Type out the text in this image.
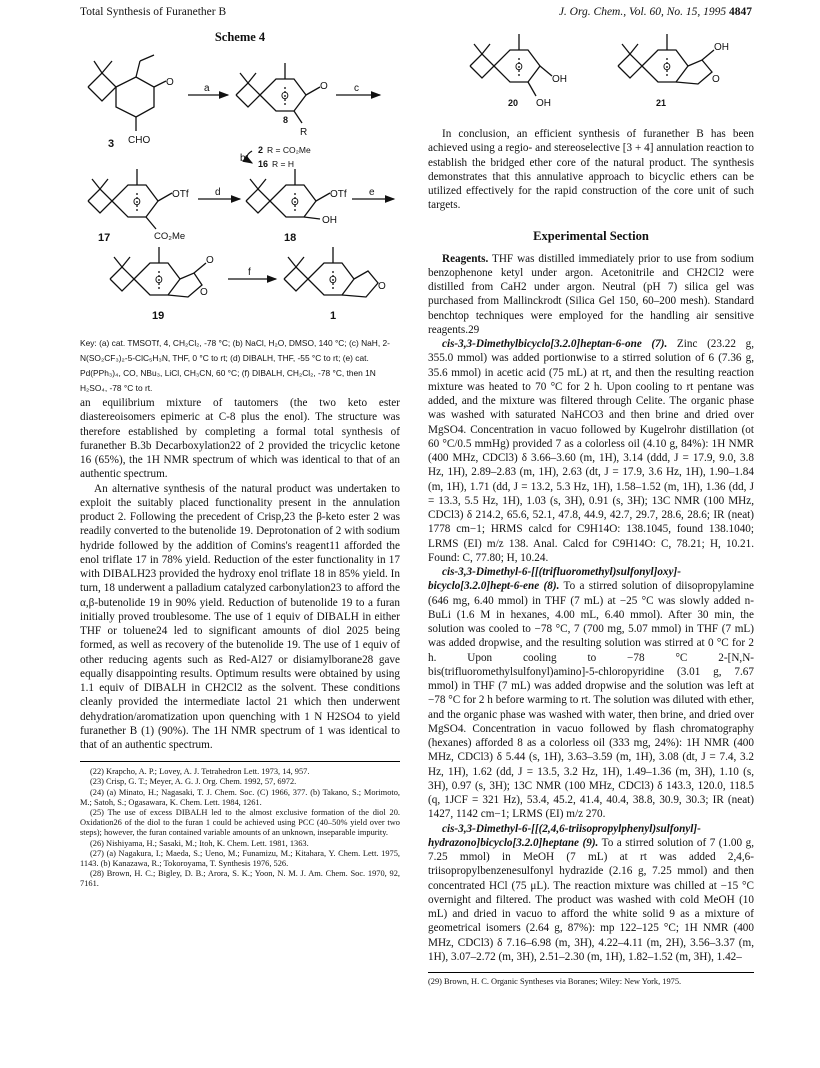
Total Synthesis of Furanether B	J. Org. Chem., Vol. 60, No. 15, 1995 4847
Scheme 4
O
CHO
3
a
O
O
8
R
c
b
2 R = CO₂Me
16 R = H
O
OTf
CO₂Me
17
d
O
OTf
OH
18
e
O
O
O
19
f
O
O
1
Key: (a) cat. TMSOTf, 4, CH₂Cl₂, -78 °C; (b) NaCl, H₂O, DMSO, 140 °C; (c) NaH, 2-N(SO₂CF₃)₂-5-ClC₅H₃N, THF, 0 °C to rt; (d) DIBALH, THF, -55 °C to rt; (e) cat. Pd(PPh₃)₄, CO, NBu₃, LiCl, CH₃CN, 60 °C; (f) DIBALH, CH₂Cl₂, -78 °C, then 1N H₂SO₄, -78 °C to rt.

an equilibrium mixture of tautomers (the two keto ester diastereoisomers epimeric at C-8 plus the enol). The structure was therefore established by completing a formal total synthesis of furanether B.3b Decarboxylation22 of 2 provided the tricyclic ketone 16 (65%), the 1H NMR spectrum of which was identical to that of an authentic spectrum.

An alternative synthesis of the natural product was undertaken to exploit the suitably placed functionality present in the annulation product 2. Following the precedent of Crisp,23 the β-keto ester 2 was readily converted to the butenolide 19. Deprotonation of 2 with sodium hydride followed by the addition of Comins's reagent11 afforded the enol triflate 17 in 78% yield. Reduction of the ester functionality in 17 with DIBALH23 provided the hydroxy enol triflate 18 in 85% yield. In turn, 18 underwent a palladium catalyzed carbonylation23 to afford the α,β-butenolide 19 in 90% yield. Reduction of butenolide 19 to a furan initially proved troublesome. The use of 1 equiv of DIBALH in either THF or toluene24 led to significant amounts of diol 2025 being formed, as well as recovery of the butenolide 19. The use of 1 equiv of other reducing agents such as Red-Al27 or disiamylborane28 gave equally disappointing results. Optimum results were obtained by using 1.1 equiv of DIBALH in CH2Cl2 as the solvent. These conditions cleanly provided the intermediate lactol 21 which then underwent dehydration/aromatization upon quenching with 1 N H2SO4 to yield furanether B (1) (90%). The 1H NMR spectrum of 1 was identical to that of an authentic spectrum.

(22) Krapcho, A. P.; Lovey, A. J. Tetrahedron Lett. 1973, 14, 957.
(23) Crisp, G. T.; Meyer, A. G. J. Org. Chem. 1992, 57, 6972.
(24) (a) Minato, H.; Nagasaki, T. J. Chem. Soc. (C) 1966, 377. (b) Takano, S.; Morimoto, M.; Satoh, S.; Ogasawara, K. Chem. Lett. 1984, 1261.
(25) The use of excess DIBALH led to the almost exclusive formation of the diol 20. Oxidation26 of the diol to the furan 1 could be achieved using PCC (40–50% yield over two steps); however, the furan contained variable amounts of an unknown, inseparable impurity.
(26) Nishiyama, H.; Sasaki, M.; Itoh, K. Chem. Lett. 1981, 1363.
(27) (a) Nagakura, I.; Maeda, S.; Ueno, M.; Funamizu, M.; Kitahara, Y. Chem. Lett. 1975, 1143. (b) Kanazawa, R.; Tokoroyama, T. Synthesis 1976, 526.
(28) Brown, H. C.; Bigley, D. B.; Arora, S. K.; Yoon, N. M. J. Am. Chem. Soc. 1970, 92, 7161.
O
OH
OH
20
O
O
OH
21

In conclusion, an efficient synthesis of furanether B has been achieved using a regio- and stereoselective [3 + 4] annulation reaction to establish the bridged ether core of the natural product. The synthesis demonstrates that this annulative approach to bicyclic ethers can be utilized effectively for the rapid construction of the core unit of such targets.

Experimental Section

Reagents. THF was distilled immediately prior to use from sodium benzophenone ketyl under argon. Acetonitrile and CH2Cl2 were distilled from CaH2 under argon. Neutral (pH 7) silica gel was purchased from Mallinckrodt (Silica Gel 150, 60–200 mesh). Standard benchtop techniques were employed for the handling air sensitive reagents.29

cis-3,3-Dimethylbicyclo[3.2.0]heptan-6-one (7). Zinc (23.22 g, 355.0 mmol) was added portionwise to a stirred solution of 6 (7.36 g, 35.6 mmol) in acetic acid (75 mL) at rt, and then the resulting reaction mixture was heated to 70 °C for 2 h. Upon cooling to rt pentane was added, and the mixture was filtered through Celite. The organic phase was washed with saturated NaHCO3 and then brine and dried over MgSO4. Concentration in vacuo followed by Kugelrohr distillation (ot 60 °C/0.5 mmHg) provided 7 as a colorless oil (4.10 g, 84%): 1H NMR (400 MHz, CDCl3) δ 3.66–3.60 (m, 1H), 3.14 (ddd, J = 17.9, 9.0, 3.8 Hz, 1H), 2.89–2.83 (m, 1H), 2.63 (dt, J = 17.9, 3.6 Hz, 1H), 1.90–1.84 (m, 1H), 1.71 (dd, J = 13.2, 5.3 Hz, 1H), 1.58–1.52 (m, 1H), 1.36 (dd, J = 13.3, 5.5 Hz, 1H), 1.03 (s, 3H), 0.91 (s, 3H); 13C NMR (100 MHz, CDCl3) δ 214.2, 65.6, 52.1, 47.8, 44.9, 42.7, 29.7, 28.6, 28.6; IR (neat) 1778 cm−1; HRMS calcd for C9H14O: 138.1045, found 138.1040; LRMS (EI) m/z 138. Anal. Calcd for C9H14O: C, 78.21; H, 10.21. Found: C, 77.80; H, 10.24.

cis-3,3-Dimethyl-6-[[(trifluoromethyl)sulfonyl]oxy]-bicyclo[3.2.0]hept-6-ene (8). To a stirred solution of diisopropylamine (646 mg, 6.40 mmol) in THF (7 mL) at −25 °C was slowly added n-BuLi (1.6 M in hexanes, 4.00 mL, 6.40 mmol). After 30 min, the solution was cooled to −78 °C, 7 (700 mg, 5.07 mmol) in THF (7 mL) was added dropwise, and the resulting solution was stirred at 0 °C for 2 h. Upon cooling to −78 °C 2-[N,N-bis(trifluoromethylsulfonyl)amino]-5-chloropyridine (3.01 g, 7.67 mmol) in THF (7 mL) was added dropwise and the solution was left at −78 °C for 2 h before warming to rt. The solution was diluted with ether, and the organic phase was washed with water, then brine, and dried over MgSO4. Concentration in vacuo followed by flash chromatography (hexanes) afforded 8 as a colorless oil (333 mg, 24%): 1H NMR (400 MHz, CDCl3) δ 5.44 (s, 1H), 3.63–3.59 (m, 1H), 3.08 (dt, J = 7.4, 3.2 Hz, 1H), 1.62 (dd, J = 13.5, 3.2 Hz, 1H), 1.49–1.36 (m, 3H), 1.10 (s, 3H), 0.97 (s, 3H); 13C NMR (100 MHz, CDCl3) δ 143.3, 120.0, 118.5 (q, 1JCF = 321 Hz), 53.4, 45.2, 41.4, 40.4, 38.8, 30.9, 30.3; IR (neat) 1427, 1142 cm−1; LRMS (EI) m/z 270.

cis-3,3-Dimethyl-6-[[(2,4,6-triisopropylphenyl)sulfonyl]-hydrazono]bicyclo[3.2.0]heptane (9). To a stirred solution of 7 (1.00 g, 7.25 mmol) in MeOH (7 mL) at rt was added 2,4,6-triisopropylbenzenesulfonyl hydrazide (2.16 g, 7.25 mmol) and then concentrated HCl (75 μL). The reaction mixture was chilled at −15 °C overnight and filtered. The product was washed with cold MeOH (10 mL) and dried in vacuo to afford the white solid 9 as a mixture of geometrical isomers (2.64 g, 87%): mp 122–125 °C; 1H NMR (400 MHz, CDCl3) δ 7.16–6.98 (m, 3H), 4.22–4.11 (m, 2H), 3.56–3.37 (m, 1H), 3.07–2.72 (m, 3H), 2.51–2.30 (m, 1H), 1.82–1.52 (m, 3H), 1.42–

(29) Brown, H. C. Organic Syntheses via Boranes; Wiley: New York, 1975.
